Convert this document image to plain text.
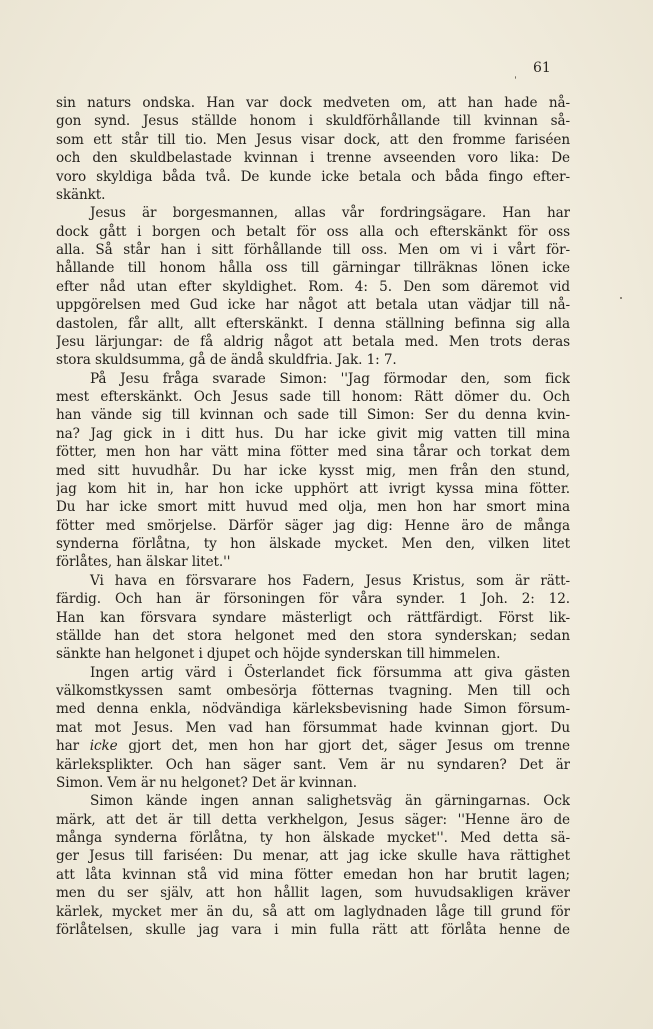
61
sin naturs ondska. Han var dock medveten om, att han hade nå-
gon synd. Jesus ställde honom i skuldförhållande till kvinnan så-
som ett står till tio. Men Jesus visar dock, att den fromme fariséen
och den skuldbelastade kvinnan i trenne avseenden voro lika: De
voro skyldiga båda två. De kunde icke betala och båda fingo efter-
skänkt.
Jesus är borgesmannen, allas vår fordringsägare. Han har
dock gått i borgen och betalt för oss alla och efterskänkt för oss
alla. Så står han i sitt förhållande till oss. Men om vi i vårt för-
hållande till honom hålla oss till gärningar tillräknas lönen icke
efter nåd utan efter skyldighet. Rom. 4: 5. Den som däremot vid
uppgörelsen med Gud icke har något att betala utan vädjar till nå-
dastolen, får allt, allt efterskänkt. I denna ställning befinna sig alla
Jesu lärjungar: de få aldrig något att betala med. Men trots deras
stora skuldsumma, gå de ändå skuldfria. Jak. 1: 7.
På Jesu fråga svarade Simon: ''Jag förmodar den, som fick
mest efterskänkt. Och Jesus sade till honom: Rätt dömer du. Och
han vände sig till kvinnan och sade till Simon: Ser du denna kvin-
na? Jag gick in i ditt hus. Du har icke givit mig vatten till mina
fötter, men hon har vätt mina fötter med sina tårar och torkat dem
med sitt huvudhår. Du har icke kysst mig, men från den stund,
jag kom hit in, har hon icke upphört att ivrigt kyssa mina fötter.
Du har icke smort mitt huvud med olja, men hon har smort mina
fötter med smörjelse. Därför säger jag dig: Henne äro de många
synderna förlåtna, ty hon älskade mycket. Men den, vilken litet
förlåtes, han älskar litet.''
Vi hava en försvarare hos Fadern, Jesus Kristus, som är rätt-
färdig. Och han är försoningen för våra synder. 1 Joh. 2: 12.
Han kan försvara syndare mästerligt och rättfärdigt. Först lik-
ställde han det stora helgonet med den stora synderskan; sedan
sänkte han helgonet i djupet och höjde synderskan till himmelen.
Ingen artig värd i Österlandet fick försumma att giva gästen
välkomstkyssen samt ombesörja fötternas tvagning. Men till och
med denna enkla, nödvändiga kärleksbevisning hade Simon försum-
mat mot Jesus. Men vad han försummat hade kvinnan gjort. Du
har icke gjort det, men hon har gjort det, säger Jesus om trenne
kärleksplikter. Och han säger sant. Vem är nu syndaren? Det är
Simon. Vem är nu helgonet? Det är kvinnan.
Simon kände ingen annan salighetsväg än gärningarnas. Ock
märk, att det är till detta verkhelgon, Jesus säger: ''Henne äro de
många synderna förlåtna, ty hon älskade mycket''. Med detta sä-
ger Jesus till fariséen: Du menar, att jag icke skulle hava rättighet
att låta kvinnan stå vid mina fötter emedan hon har brutit lagen;
men du ser själv, att hon hållit lagen, som huvudsakligen kräver
kärlek, mycket mer än du, så att om laglydnaden låge till grund för
förlåtelsen, skulle jag vara i min fulla rätt att förlåta henne de
